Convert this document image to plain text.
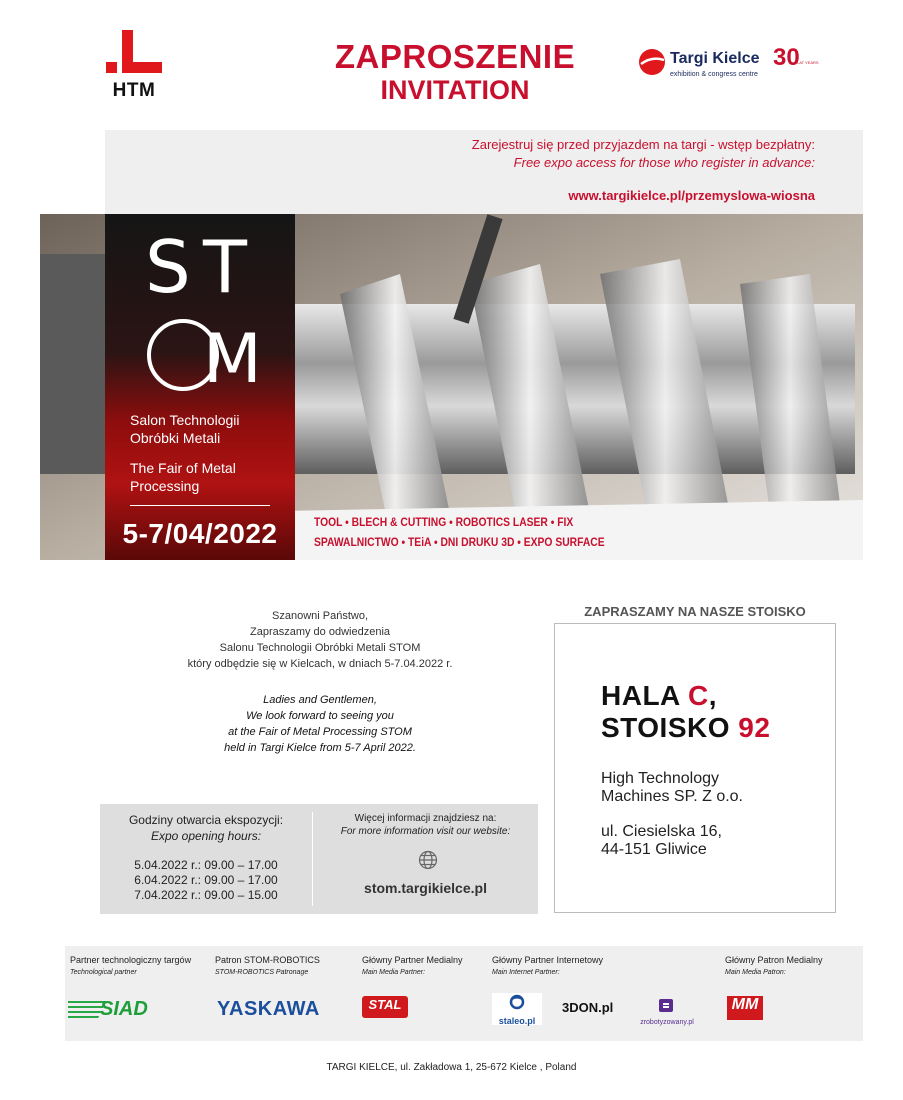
HTM
ZAPROSZENIE
INVITATION
Targi Kielce
exhibition & congress centre
30
LAT YEARS
Zarejestruj się przed przyjazdem na targi - wstęp bezpłatny:
Free expo access for those who register in advance:
www.targikielce.pl/przemyslowa-wiosna
S T
M
Salon Technologii
Obróbki Metali
The Fair of Metal
Processing
5-7/04/2022	TOOL • BLECH & CUTTING • ROBOTICS LASER • FIX
SPAWALNICTWO • TEiA • DNI DRUKU 3D • EXPO SURFACE
Szanowni Państwo,
Zapraszamy do odwiedzenia
Salonu Technologii Obróbki Metali STOM
który odbędzie się w Kielcach, w dniach 5-7.04.2022 r.
Ladies and Gentlemen,
We look forward to seeing you
at the Fair of Metal Processing STOM
held in Targi Kielce from 5-7 April 2022.
Godziny otwarcia ekspozycji:
Expo opening hours:
5.04.2022 r.: 09.00 – 17.00
6.04.2022 r.: 09.00 – 17.00
7.04.2022 r.: 09.00 – 15.00
Więcej informacji znajdziesz na:
For more information visit our website:
stom.targikielce.pl
ZAPRASZAMY NA NASZE STOISKO
HALA C,
STOISKO 92
High Technology
Machines SP. Z o.o.
ul. Ciesielska 16,
44-151 Gliwice
Partner technologiczny targów
Technological partner
Patron STOM-ROBOTICS
STOM-ROBOTICS Patronage
Główny Partner Medialny
Main Media Partner:
Główny Partner Internetowy
Main Internet Partner:
Główny Patron Medialny
Main Media Patron:
SIAD	YASKAWA	STAL
staleo.pl
3DON.pl
zrobotyzowany.pl
MM
TARGI KIELCE, ul. Zakładowa 1, 25-672 Kielce , Poland
